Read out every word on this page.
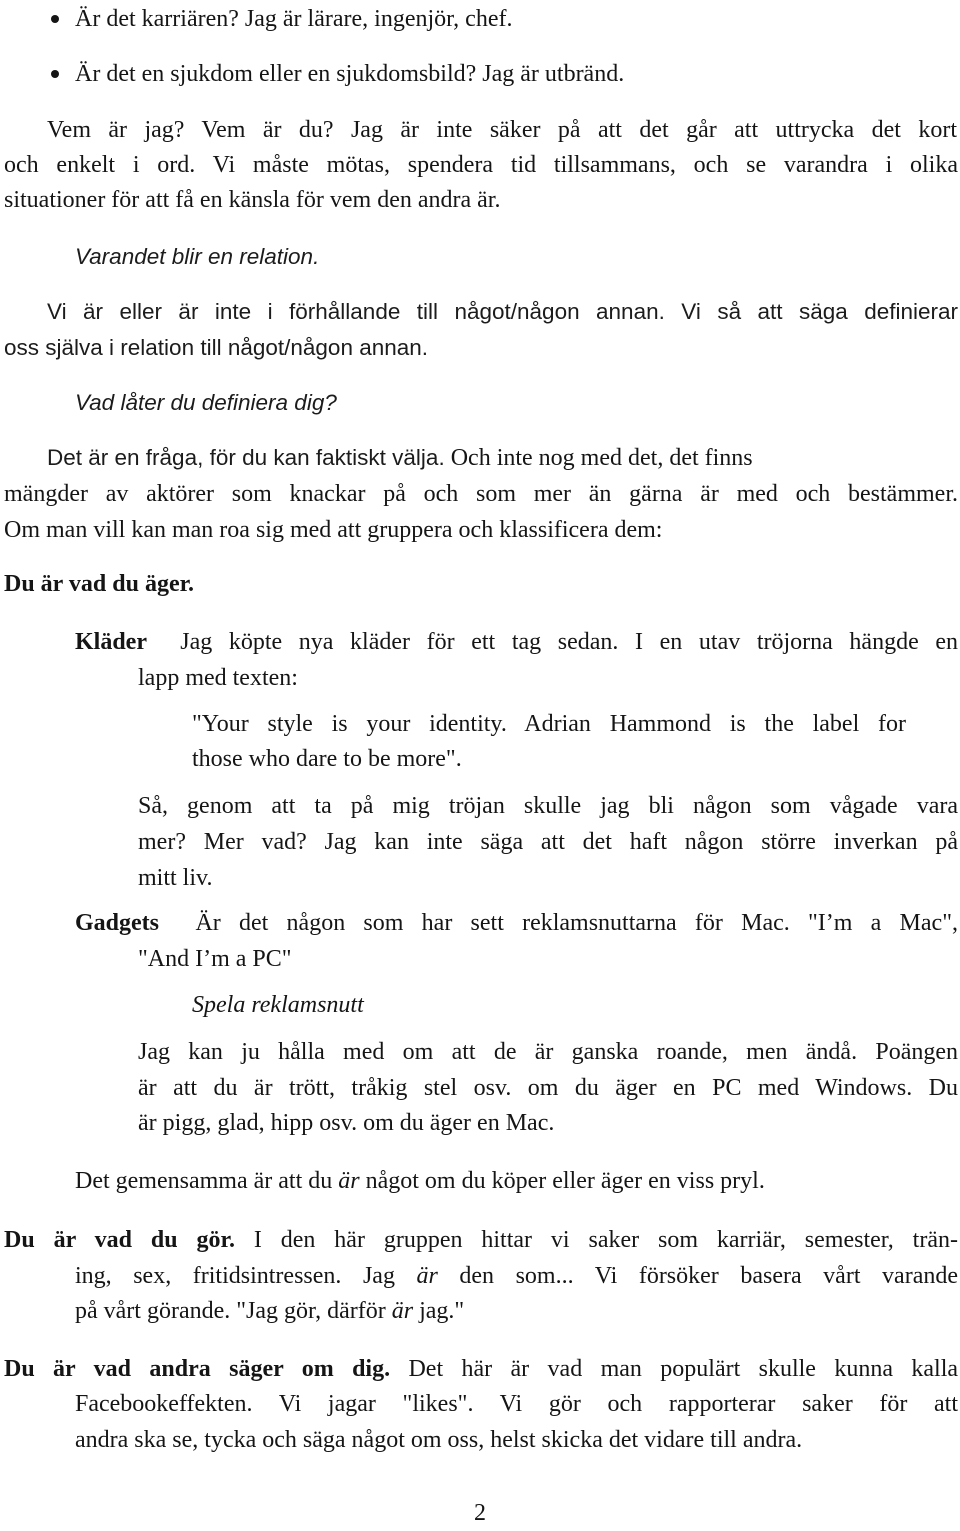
Är det karriären? Jag är lärare, ingenjör, chef.
Är det en sjukdom eller en sjukdomsbild? Jag är utbränd.
Vem är jag? Vem är du? Jag är inte säker på att det går att uttrycka det kort
och enkelt i ord. Vi måste mötas, spendera tid tillsammans, och se varandra i olika
situationer för att få en känsla för vem den andra är.
Varandet blir en relation.
Vi är eller är inte i förhållande till något/någon annan. Vi så att säga definierar
oss själva i relation till något/någon annan.
Vad låter du definiera dig?
Det är en fråga, för du kan faktiskt välja. Och inte nog med det, det finns
mängder av aktörer som knackar på och som mer än gärna är med och bestämmer.
Om man vill kan man roa sig med att gruppera och klassificera dem:
Du är vad du äger.
Kläder Jag köpte nya kläder för ett tag sedan. I en utav tröjorna hängde en
lapp med texten:
"Your style is your identity. Adrian Hammond is the label for
those who dare to be more".
Så, genom att ta på mig tröjan skulle jag bli någon som vågade vara
mer? Mer vad? Jag kan inte säga att det haft någon större inverkan på
mitt liv.
Gadgets Är det någon som har sett reklamsnuttarna för Mac. "I’m a Mac",
"And I’m a PC"
Spela reklamsnutt
Jag kan ju hålla med om att de är ganska roande, men ändå. Poängen
är att du är trött, tråkig stel osv. om du äger en PC med Windows. Du
är pigg, glad, hipp osv. om du äger en Mac.
Det gemensamma är att du är något om du köper eller äger en viss pryl.
Du är vad du gör. I den här gruppen hittar vi saker som karriär, semester, trän-
ing, sex, fritidsintressen. Jag är den som... Vi försöker basera vårt varande
på vårt görande. "Jag gör, därför är jag."
Du är vad andra säger om dig. Det här är vad man populärt skulle kunna kalla
Facebookeffekten. Vi jagar "likes". Vi gör och rapporterar saker för att
andra ska se, tycka och säga något om oss, helst skicka det vidare till andra.
2
